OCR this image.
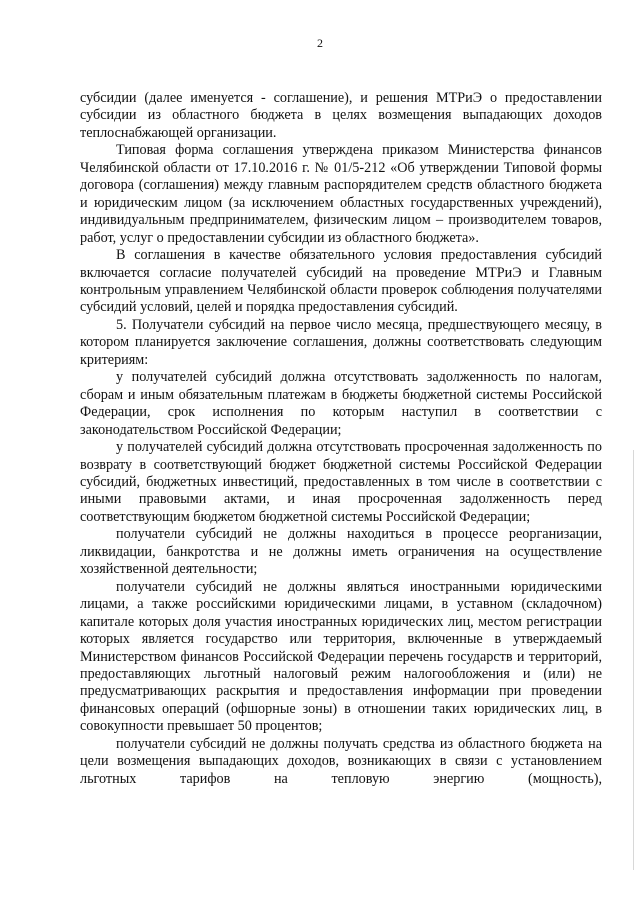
2

субсидии (далее именуется - соглашение), и решения МТРиЭ о предоставлении субсидии из областного бюджета в целях возмещения выпадающих доходов теплоснабжающей организации.

Типовая форма соглашения утверждена приказом Министерства финансов Челябинской области от 17.10.2016 г. № 01/5-212 «Об утверждении Типовой формы договора (соглашения) между главным распорядителем средств областного бюджета и юридическим лицом (за исключением областных государственных учреждений), индивидуальным предпринимателем, физическим лицом – производителем товаров, работ, услуг о предоставлении субсидии из областного бюджета».

В соглашения в качестве обязательного условия предоставления субсидий включается согласие получателей субсидий на проведение МТРиЭ и Главным контрольным управлением Челябинской области проверок соблюдения получателями субсидий условий, целей и порядка предоставления субсидий.

5. Получатели субсидий на первое число месяца, предшествующего месяцу, в котором планируется заключение соглашения, должны соответствовать следующим критериям:

у получателей субсидий должна отсутствовать задолженность по налогам, сборам и иным обязательным платежам в бюджеты бюджетной системы Российской Федерации, срок исполнения по которым наступил в соответствии с законодательством Российской Федерации;

у получателей субсидий должна отсутствовать просроченная задолженность по возврату в соответствующий бюджет бюджетной системы Российской Федерации субсидий, бюджетных инвестиций, предоставленных в том числе в соответствии с иными правовыми актами, и иная просроченная задолженность перед соответствующим бюджетом бюджетной системы Российской Федерации;

получатели субсидий не должны находиться в процессе реорганизации, ликвидации, банкротства и не должны иметь ограничения на осуществление хозяйственной деятельности;

получатели субсидий не должны являться иностранными юридическими лицами, а также российскими юридическими лицами, в уставном (складочном) капитале которых доля участия иностранных юридических лиц, местом регистрации которых является государство или территория, включенные в утверждаемый Министерством финансов Российской Федерации перечень государств и территорий, предоставляющих льготный налоговый режим налогообложения и (или) не предусматривающих раскрытия и предоставления информации при проведении финансовых операций (офшорные зоны) в отношении таких юридических лиц, в совокупности превышает 50 процентов;

получатели субсидий не должны получать средства из областного бюджета на цели возмещения выпадающих доходов, возникающих в связи с установлением льготных тарифов на тепловую энергию (мощность),
